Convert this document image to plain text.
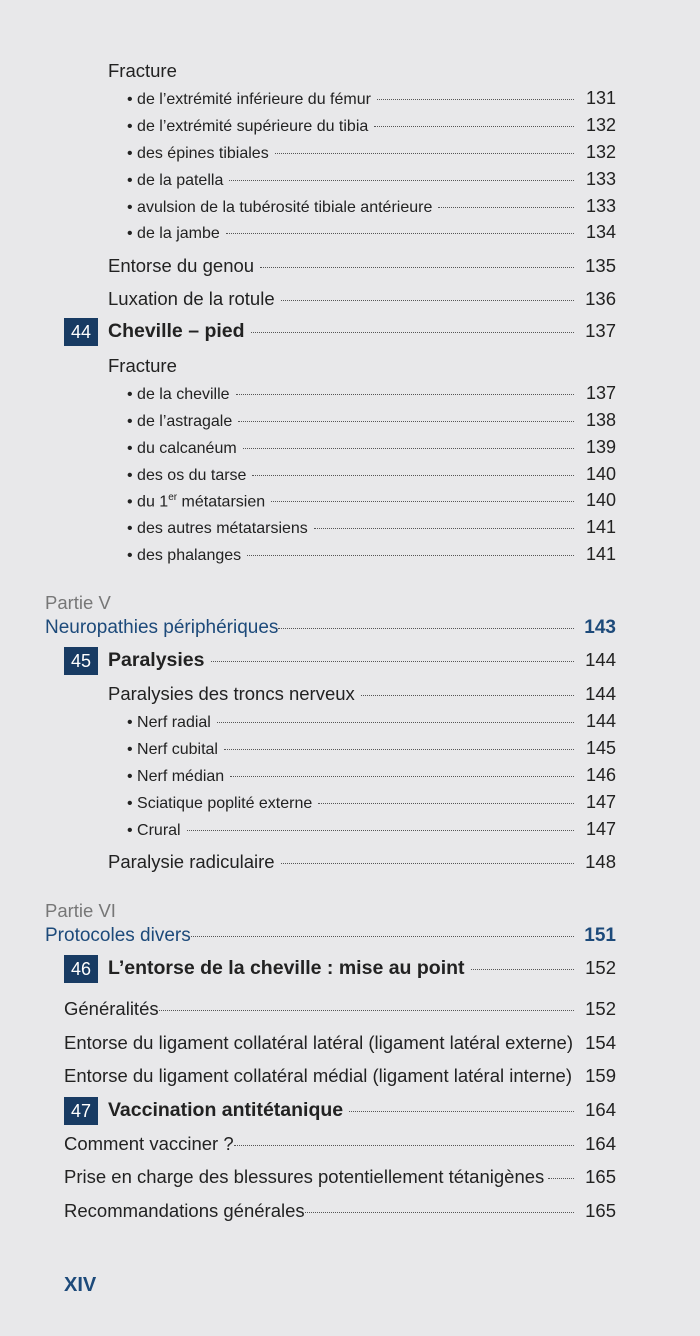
Fracture
• de l’extrémité inférieure du fémur	131
• de l’extrémité supérieure du tibia	132
• des épines tibiales	132
• de la patella	133
• avulsion de la tubérosité tibiale antérieure	133
• de la jambe	134
Entorse du genou	135
Luxation de la rotule	136
44 Cheville – pied	137
Fracture
• de la cheville	137
• de l’astragale	138
• du calcanéum	139
• des os du tarse	140
• du 1er métatarsien	140
• des autres métatarsiens	141
• des phalanges	141
Partie V
Neuropathies périphériques	143
45 Paralysies	144
Paralysies des troncs nerveux	144
• Nerf radial	144
• Nerf cubital	145
• Nerf médian	146
• Sciatique poplité externe	147
• Crural	147
Paralysie radiculaire	148
Partie VI
Protocoles divers	151
46 L’entorse de la cheville : mise au point	152
Généralités	152
Entorse du ligament collatéral latéral (ligament latéral externe) 154
Entorse du ligament collatéral médial (ligament latéral interne) 159
47 Vaccination antitétanique	164
Comment vacciner ?	164
Prise en charge des blessures potentiellement tétanigènes 165
Recommandations générales	165
XIV
